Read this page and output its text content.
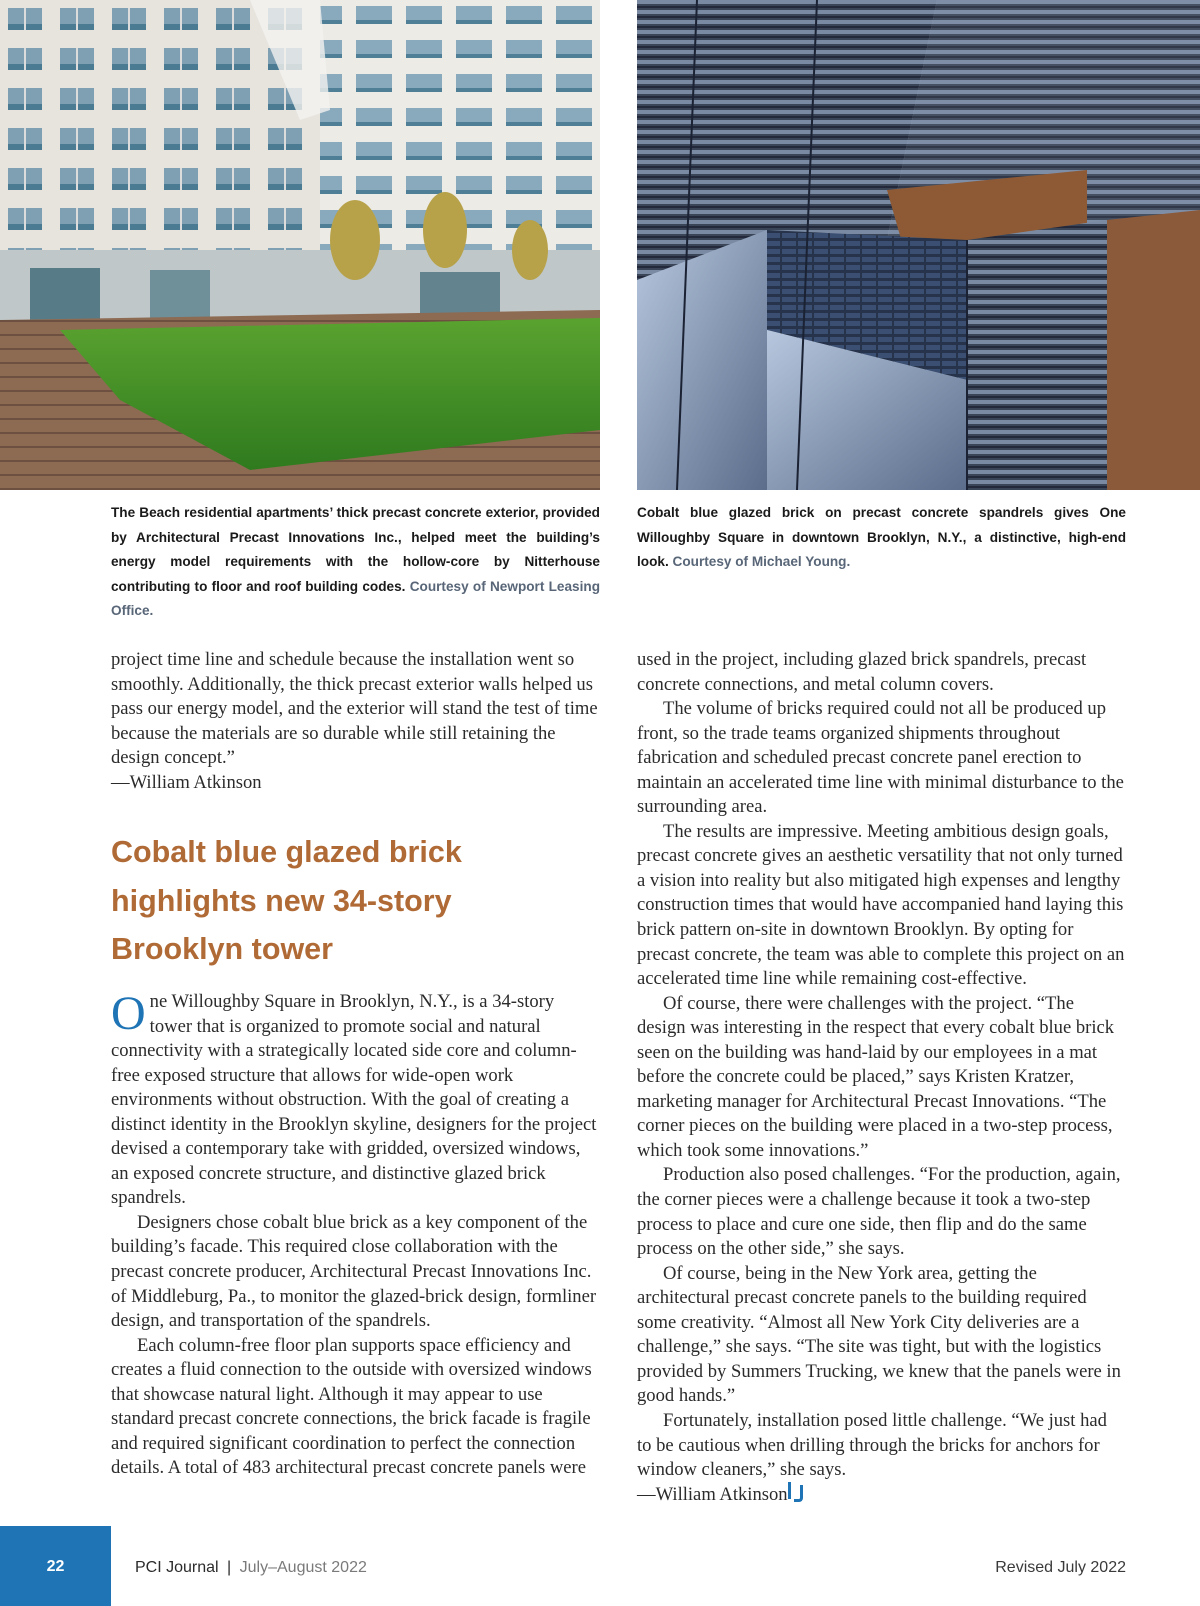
The Beach residential apartments’ thick precast concrete exterior, provided by Architectural Precast Innovations Inc., helped meet the building’s energy model requirements with the hollow-core by Nitterhouse contributing to floor and roof building codes. Courtesy of Newport Leasing Office.
Cobalt blue glazed brick on precast concrete spandrels gives One Willoughby Square in downtown Brooklyn, N.Y., a distinctive, high-end look. Courtesy of Michael Young.

project time line and schedule because the installation went so smoothly. Additionally, the thick precast exterior walls helped us pass our energy model, and the exterior will stand the test of time because the materials are so durable while still retaining the design concept.”

—William Atkinson

Cobalt blue glazed brick highlights new 34-story Brooklyn tower

One Willoughby Square in Brooklyn, N.Y., is a 34-story tower that is organized to promote social and natural connectivity with a strategically located side core and column-free exposed structure that allows for wide-open work environments without obstruction. With the goal of creating a distinct identity in the Brooklyn skyline, designers for the project devised a contemporary take with gridded, oversized windows, an exposed concrete structure, and distinctive glazed brick spandrels.

Designers chose cobalt blue brick as a key component of the building’s facade. This required close collaboration with the precast concrete producer, Architectural Precast Innovations Inc. of Middleburg, Pa., to monitor the glazed-brick design, formliner design, and transportation of the spandrels.

Each column-free floor plan supports space efficiency and creates a fluid connection to the outside with oversized windows that showcase natural light. Although it may appear to use standard precast concrete connections, the brick facade is fragile and required significant coordination to perfect the connection details. A total of 483 architectural precast concrete panels were

used in the project, including glazed brick spandrels, precast concrete connections, and metal column covers.

The volume of bricks required could not all be produced up front, so the trade teams organized shipments throughout fabrication and scheduled precast concrete panel erection to maintain an accelerated time line with minimal disturbance to the surrounding area.

The results are impressive. Meeting ambitious design goals, precast concrete gives an aesthetic versatility that not only turned a vision into reality but also mitigated high expenses and lengthy construction times that would have accompanied hand laying this brick pattern on-site in downtown Brooklyn. By opting for precast concrete, the team was able to complete this project on an accelerated time line while remaining cost-effective.

Of course, there were challenges with the project. “The design was interesting in the respect that every cobalt blue brick seen on the building was hand-laid by our employees in a mat before the concrete could be placed,” says Kristen Kratzer, marketing manager for Architectural Precast Innovations. “The corner pieces on the building were placed in a two-step process, which took some innovations.”

Production also posed challenges. “For the production, again, the corner pieces were a challenge because it took a two-step process to place and cure one side, then flip and do the same process on the other side,” she says.

Of course, being in the New York area, getting the architectural precast concrete panels to the building required some creativity. “Almost all New York City deliveries are a challenge,” she says. “The site was tight, but with the logistics provided by Summers Trucking, we knew that the panels were in good hands.”

Fortunately, installation posed little challenge. “We just had to be cautious when drilling through the bricks for anchors for window cleaners,” she says.

—William Atkinson

22	PCI Journal | July–August 2022	Revised July 2022
